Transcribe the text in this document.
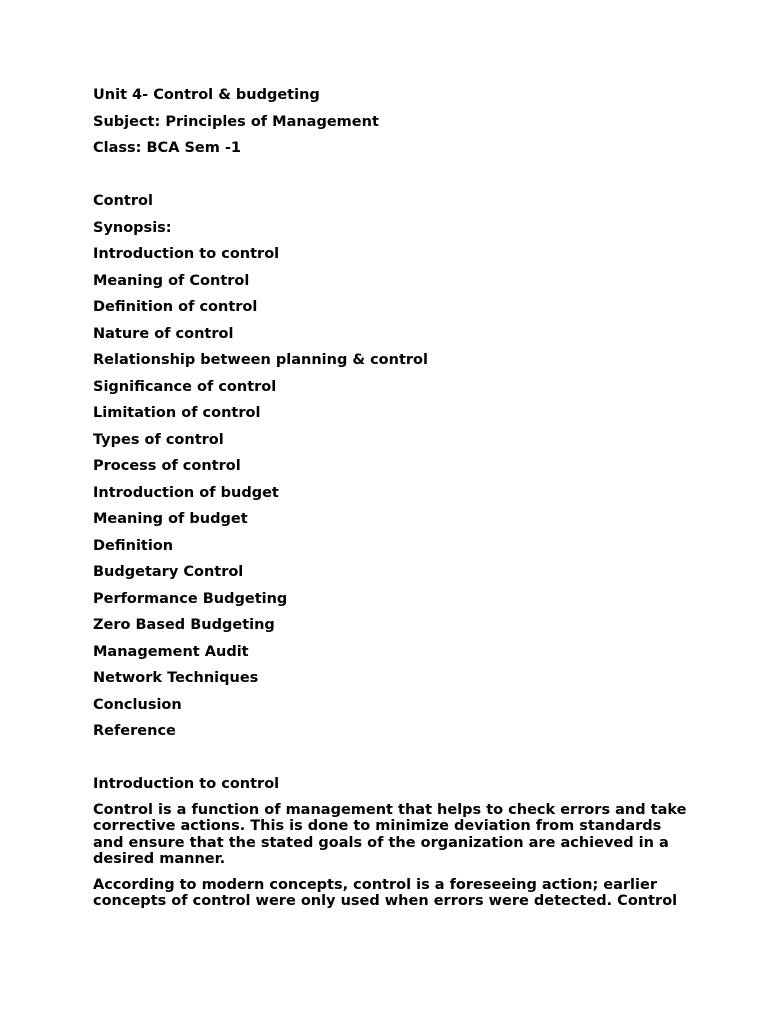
Unit 4- Control & budgeting
Subject: Principles of Management
Class: BCA Sem -1
Control
Synopsis:
Introduction to control
Meaning of Control
Definition of control
Nature of control
Relationship between planning & control
Significance of control
Limitation of control
Types of control
Process of control
Introduction of budget
Meaning of budget
Definition
Budgetary Control
Performance Budgeting
Zero Based Budgeting
Management Audit
Network Techniques
Conclusion
Reference
Introduction to control
Control is a function of management that helps to check errors and take corrective actions. This is done to minimize deviation from standards and ensure that the stated goals of the organization are achieved in a desired manner.
According to modern concepts, control is a foreseeing action; earlier concepts of control were only used when errors were detected. Control
